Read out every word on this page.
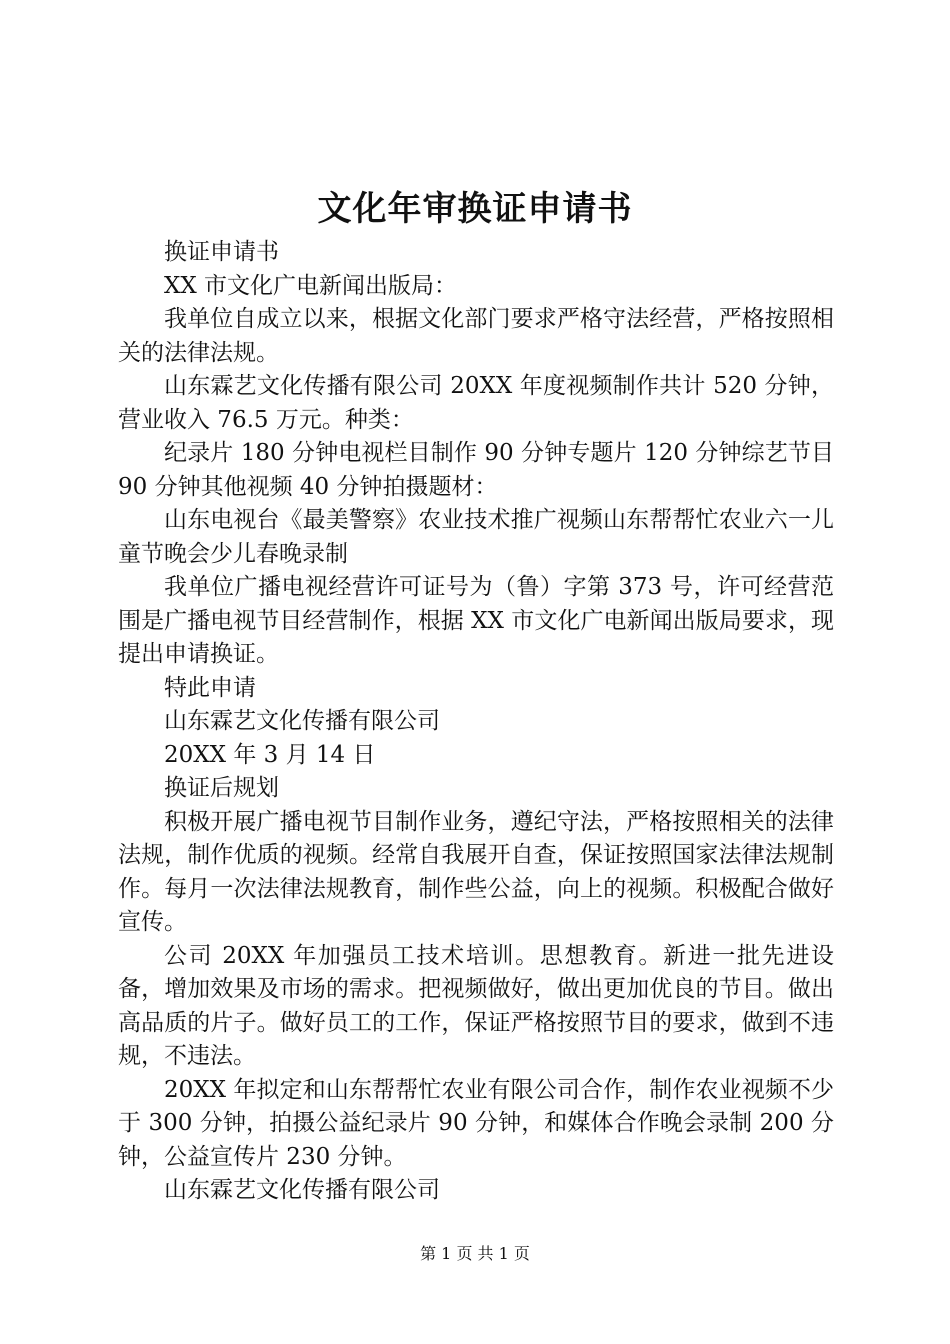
文化年审换证申请书

换证申请书

XX 市文化广电新闻出版局：

我单位自成立以来，根据文化部门要求严格守法经营，严格按照相关的法律法规。

山东霖艺文化传播有限公司 20XX 年度视频制作共计 520 分钟，营业收入 76.5 万元。种类：

纪录片 180 分钟电视栏目制作 90 分钟专题片 120 分钟综艺节目 90 分钟其他视频 40 分钟拍摄题材：

山东电视台《最美警察》农业技术推广视频山东帮帮忙农业六一儿童节晚会少儿春晚录制

我单位广播电视经营许可证号为（鲁）字第 373 号，许可经营范围是广播电视节目经营制作，根据 XX 市文化广电新闻出版局要求，现提出申请换证。

特此申请

山东霖艺文化传播有限公司

20XX 年 3 月 14 日

换证后规划

积极开展广播电视节目制作业务，遵纪守法，严格按照相关的法律法规，制作优质的视频。经常自我展开自查，保证按照国家法律法规制作。每月一次法律法规教育，制作些公益，向上的视频。积极配合做好宣传。

公司 20XX 年加强员工技术培训。思想教育。新进一批先进设备，增加效果及市场的需求。把视频做好，做出更加优良的节目。做出高品质的片子。做好员工的工作，保证严格按照节目的要求，做到不违规，不违法。

20XX 年拟定和山东帮帮忙农业有限公司合作，制作农业视频不少于 300 分钟，拍摄公益纪录片 90 分钟，和媒体合作晚会录制 200 分钟，公益宣传片 230 分钟。

山东霖艺文化传播有限公司

第 1 页 共 1 页
